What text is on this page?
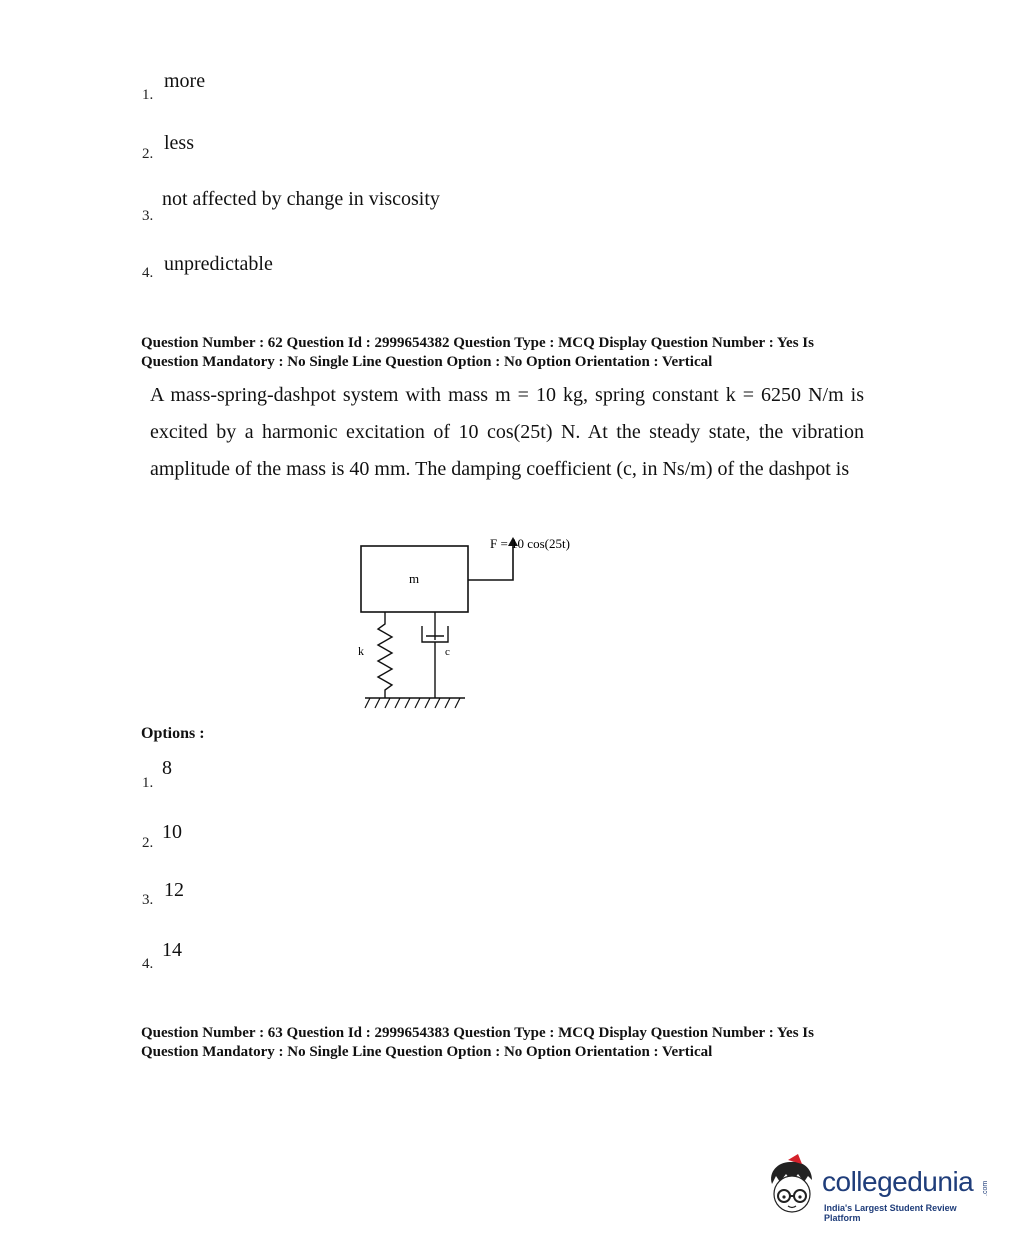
1.
more
2. less
3.
not affected by change in viscosity
4. unpredictable
Question Number : 62 Question Id : 2999654382 Question Type : MCQ Display Question Number : Yes Is
Question Mandatory : No Single Line Question Option : No Option Orientation : Vertical
A mass-spring-dashpot system with mass m = 10 kg, spring constant k = 6250 N/m is excited by a harmonic excitation of 10 cos(25t) N. At the steady state, the vibration amplitude of the mass is 40 mm. The damping coefficient (c, in Ns/m) of the dashpot is
m
F = 10 cos(25t)
k	c
Options :
1.
8
2. 10
3. 12
4.
14
Question Number : 63 Question Id : 2999654383 Question Type : MCQ Display Question Number : Yes Is
Question Mandatory : No Single Line Question Option : No Option Orientation : Vertical
collegedunia .com
India's Largest Student Review Platform
